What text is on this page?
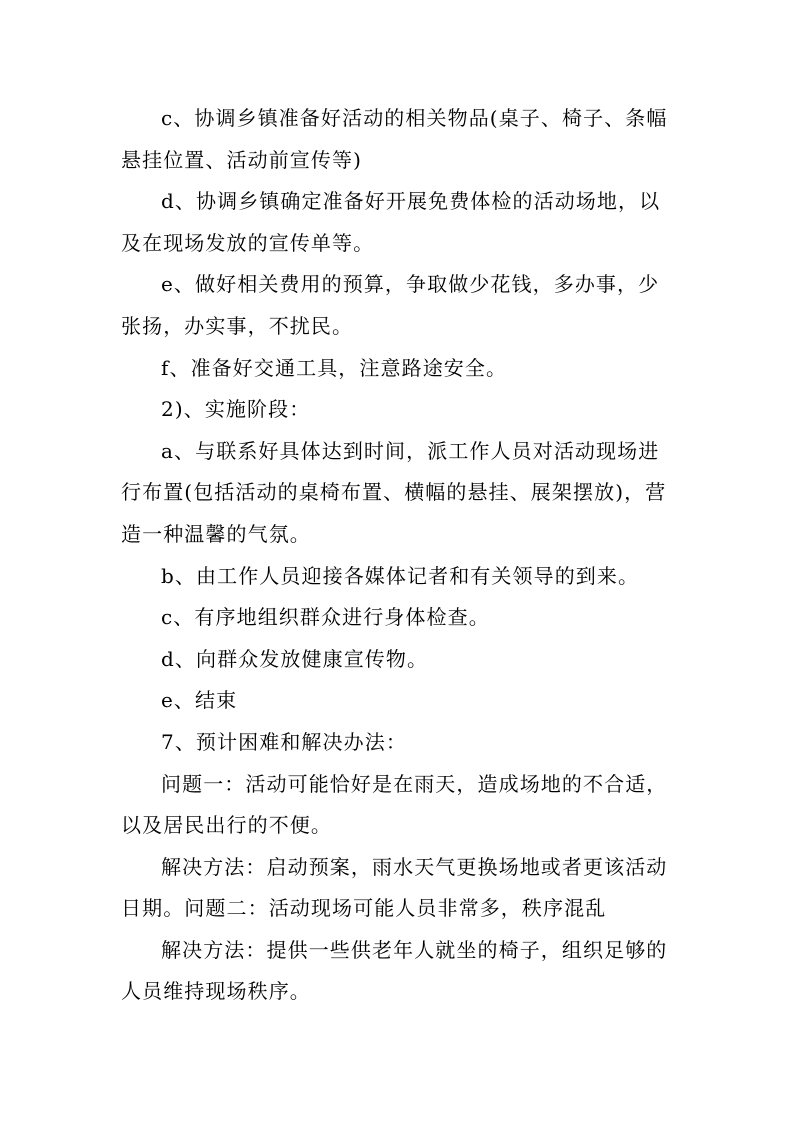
c、协调乡镇准备好活动的相关物品(桌子、椅子、条幅悬挂位置、活动前宣传等)

d、协调乡镇确定准备好开展免费体检的活动场地，以及在现场发放的宣传单等。

e、做好相关费用的预算，争取做少花钱，多办事，少张扬，办实事，不扰民。

f、准备好交通工具，注意路途安全。

2)、实施阶段：

a、与联系好具体达到时间，派工作人员对活动现场进行布置(包括活动的桌椅布置、横幅的悬挂、展架摆放)，营造一种温馨的气氛。

b、由工作人员迎接各媒体记者和有关领导的到来。

c、有序地组织群众进行身体检查。

d、向群众发放健康宣传物。

e、结束

7、预计困难和解决办法：

问题一：活动可能恰好是在雨天，造成场地的不合适，以及居民出行的不便。

解决方法：启动预案，雨水天气更换场地或者更该活动日期。问题二：活动现场可能人员非常多，秩序混乱

解决方法：提供一些供老年人就坐的椅子，组织足够的人员维持现场秩序。
